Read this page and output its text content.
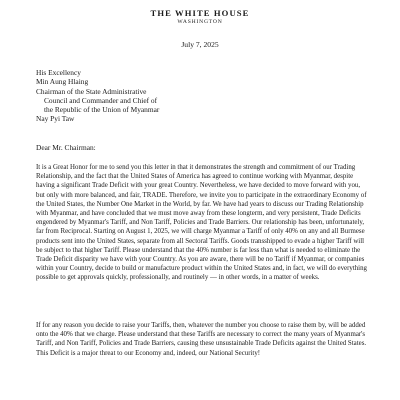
THE WHITE HOUSE
WASHINGTON
July 7, 2025
His Excellency
Min Aung Hlaing
Chairman of the State Administrative
Council and Commander and Chief of
the Republic of the Union of Myanmar
Nay Pyi Taw
Dear Mr. Chairman:

It is a Great Honor for me to send you this letter in that it demonstrates the strength and commitment of our Trading Relationship, and the fact that the United States of America has agreed to continue working with Myanmar, despite having a significant Trade Deficit with your great Country. Nevertheless, we have decided to move forward with you, but only with more balanced, and fair, TRADE. Therefore, we invite you to participate in the extraordinary Economy of the United States, the Number One Market in the World, by far. We have had years to discuss our Trading Relationship with Myanmar, and have concluded that we must move away from these longterm, and very persistent, Trade Deficits engendered by Myanmar's Tariff, and Non Tariff, Policies and Trade Barriers. Our relationship has been, unfortunately, far from Reciprocal. Starting on August 1, 2025, we will charge Myanmar a Tariff of only 40% on any and all Burmese products sent into the United States, separate from all Sectoral Tariffs. Goods transshipped to evade a higher Tariff will be subject to that higher Tariff. Please understand that the 40% number is far less than what is needed to eliminate the Trade Deficit disparity we have with your Country. As you are aware, there will be no Tariff if Myanmar, or companies within your Country, decide to build or manufacture product within the United States and, in fact, we will do everything possible to get approvals quickly, professionally, and routinely — in other words, in a matter of weeks.

If for any reason you decide to raise your Tariffs, then, whatever the number you choose to raise them by, will be added onto the 40% that we charge. Please understand that these Tariffs are necessary to correct the many years of Myanmar's Tariff, and Non Tariff, Policies and Trade Barriers, causing these unsustainable Trade Deficits against the United States. This Deficit is a major threat to our Economy and, indeed, our National Security!
